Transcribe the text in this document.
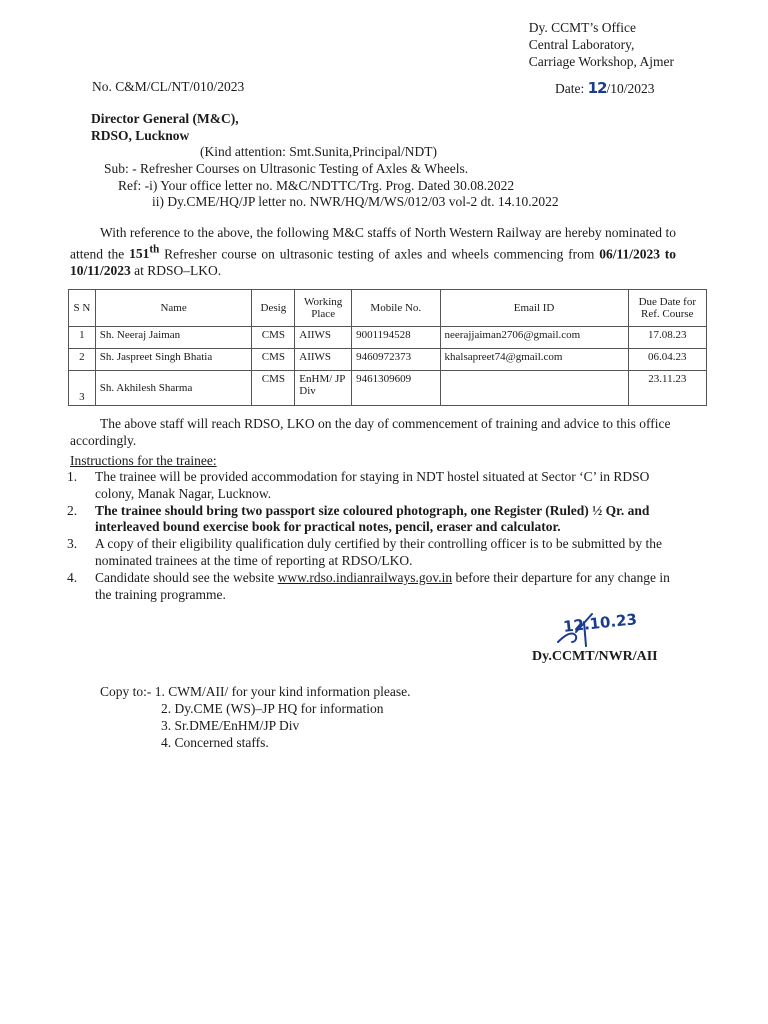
Dy. CCMT’s Office
Central Laboratory,
Carriage Workshop, Ajmer
No. C&M/CL/NT/010/2023	Date: 12/10/2023
Director General (M&C),
RDSO, Lucknow
(Kind attention: Smt.Sunita,Principal/NDT)
Sub: - Refresher Courses on Ultrasonic Testing of Axles & Wheels.
Ref: -i) Your office letter no. M&C/NDTTC/Trg. Prog. Dated 30.08.2022
ii) Dy.CME/HQ/JP letter no. NWR/HQ/M/WS/012/03 vol-2 dt. 14.10.2022

With reference to the above, the following M&C staffs of North Western Railway are hereby nominated to attend the 151th Refresher course on ultrasonic testing of axles and wheels commencing from 06/11/2023 to 10/11/2023 at RDSO–LKO.

S N	Name	Desig	Working Place	Mobile No.	Email ID	Due Date for Ref. Course
1	Sh. Neeraj Jaiman	CMS	AIIWS	9001194528	neerajjaiman2706@gmail.com	17.08.23
2	Sh. Jaspreet Singh Bhatia	CMS	AIIWS	9460972373	khalsapreet74@gmail.com	06.04.23
3	Sh. Akhilesh Sharma	CMS	EnHM/ JP Div	9461309609		23.11.23

The above staff will reach RDSO, LKO on the day of commencement of training and advice to this office accordingly.

Instructions for the trainee:
1. The trainee will be provided accommodation for staying in NDT hostel situated at Sector ‘C’ in RDSO colony, Manak Nagar, Lucknow.
2. The trainee should bring two passport size coloured photograph, one Register (Ruled) ½ Qr. and interleaved bound exercise book for practical notes, pencil, eraser and calculator.
3. A copy of their eligibility qualification duly certified by their controlling officer is to be submitted by the nominated trainees at the time of reporting at RDSO/LKO.
4. Candidate should see the website www.rdso.indianrailways.gov.in before their departure for any change in the training programme.
12.10.23
Dy.CCMT/NWR/AII
Copy to:- 1. CWM/AII/ for your kind information please.
2. Dy.CME (WS)–JP HQ for information
3. Sr.DME/EnHM/JP Div
4. Concerned staffs.
